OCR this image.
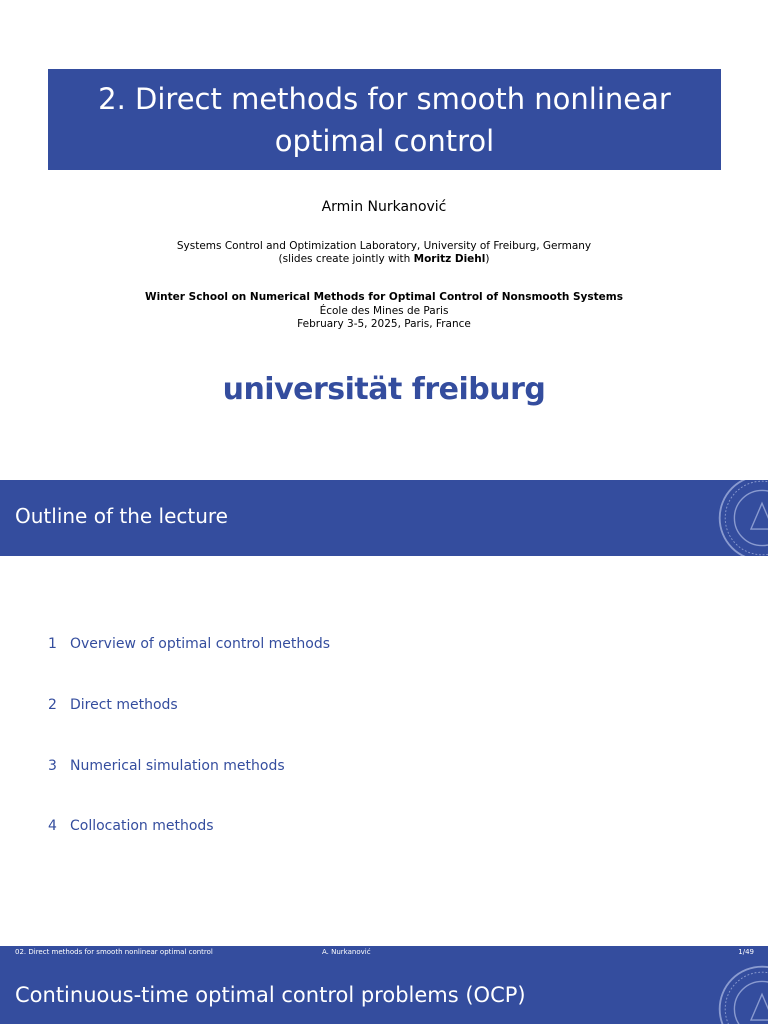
2. Direct methods for smooth nonlinear optimal control
Armin Nurkanović
Systems Control and Optimization Laboratory, University of Freiburg, Germany
(slides create jointly with Moritz Diehl)
Winter School on Numerical Methods for Optimal Control of Nonsmooth Systems
École des Mines de Paris
February 3-5, 2025, Paris, France
universität freiburg
Outline of the lecture
1 Overview of optimal control methods
2 Direct methods
3 Numerical simulation methods
4 Collocation methods
02. Direct methods for smooth nonlinear optimal control	A. Nurkanović	1/49
Continuous-time optimal control problems (OCP)
